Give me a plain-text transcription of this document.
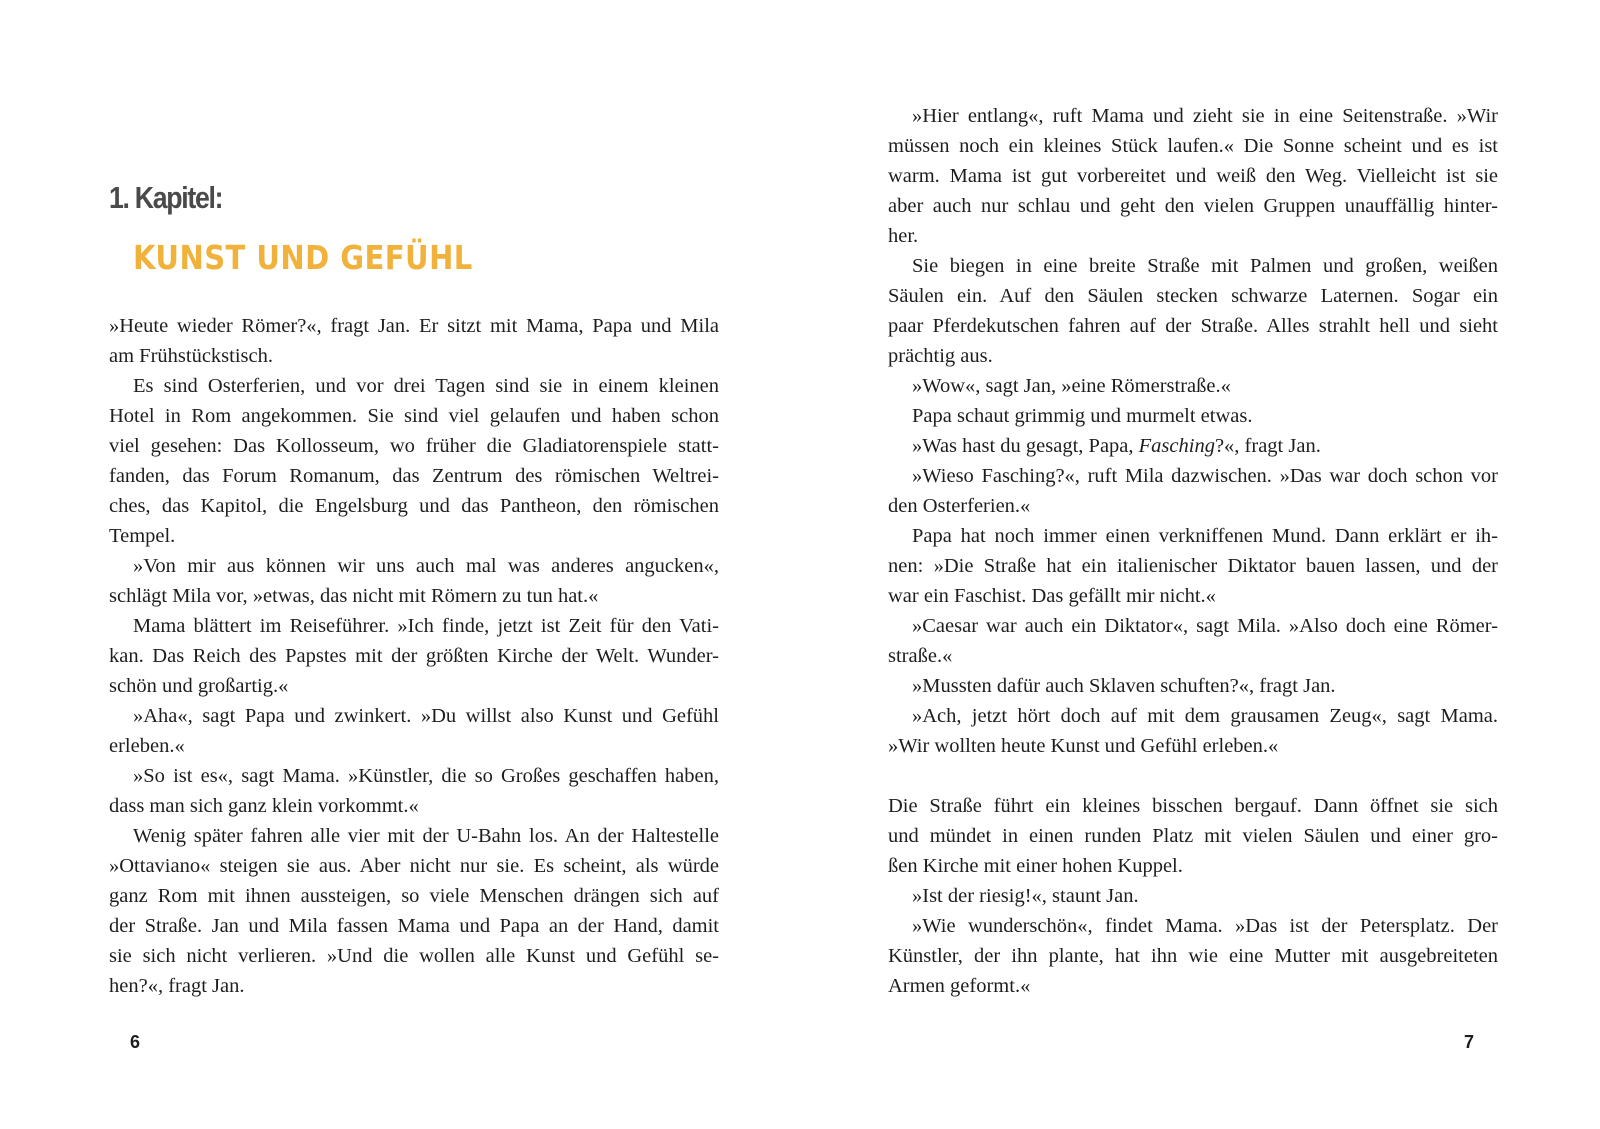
1. Kapitel:
KUNST UND GEFÜHL
»Heute wieder Römer?«, fragt Jan. Er sitzt mit Mama, Papa und Mila
am Frühstückstisch.
Es sind Osterferien, und vor drei Tagen sind sie in einem kleinen
Hotel in Rom angekommen. Sie sind viel gelaufen und haben schon
viel gesehen: Das Kollosseum, wo früher die Gladiatorenspiele statt-
fanden, das Forum Romanum, das Zentrum des römischen Weltrei-
ches, das Kapitol, die Engelsburg und das Pantheon, den römischen
Tempel.
»Von mir aus können wir uns auch mal was anderes angucken«,
schlägt Mila vor, »etwas, das nicht mit Römern zu tun hat.«
Mama blättert im Reiseführer. »Ich finde, jetzt ist Zeit für den Vati-
kan. Das Reich des Papstes mit der größten Kirche der Welt. Wunder-
schön und großartig.«
»Aha«, sagt Papa und zwinkert. »Du willst also Kunst und Gefühl
erleben.«
»So ist es«, sagt Mama. »Künstler, die so Großes geschaffen haben,
dass man sich ganz klein vorkommt.«
Wenig später fahren alle vier mit der U-Bahn los. An der Haltestelle
»Ottaviano« steigen sie aus. Aber nicht nur sie. Es scheint, als würde
ganz Rom mit ihnen aussteigen, so viele Menschen drängen sich auf
der Straße. Jan und Mila fassen Mama und Papa an der Hand, damit
sie sich nicht verlieren. »Und die wollen alle Kunst und Gefühl se-
hen?«, fragt Jan.
6
»Hier entlang«, ruft Mama und zieht sie in eine Seitenstraße. »Wir
müssen noch ein kleines Stück laufen.« Die Sonne scheint und es ist
warm. Mama ist gut vorbereitet und weiß den Weg. Vielleicht ist sie
aber auch nur schlau und geht den vielen Gruppen unauffällig hinter-
her.
Sie biegen in eine breite Straße mit Palmen und großen, weißen
Säulen ein. Auf den Säulen stecken schwarze Laternen. Sogar ein
paar Pferdekutschen fahren auf der Straße. Alles strahlt hell und sieht
prächtig aus.
»Wow«, sagt Jan, »eine Römerstraße.«
Papa schaut grimmig und murmelt etwas.
»Was hast du gesagt, Papa, Fasching?«, fragt Jan.
»Wieso Fasching?«, ruft Mila dazwischen. »Das war doch schon vor
den Osterferien.«
Papa hat noch immer einen verkniffenen Mund. Dann erklärt er ih-
nen: »Die Straße hat ein italienischer Diktator bauen lassen, und der
war ein Faschist. Das gefällt mir nicht.«
»Caesar war auch ein Diktator«, sagt Mila. »Also doch eine Römer-
straße.«
»Mussten dafür auch Sklaven schuften?«, fragt Jan.
»Ach, jetzt hört doch auf mit dem grausamen Zeug«, sagt Mama.
»Wir wollten heute Kunst und Gefühl erleben.«
Die Straße führt ein kleines bisschen bergauf. Dann öffnet sie sich
und mündet in einen runden Platz mit vielen Säulen und einer gro-
ßen Kirche mit einer hohen Kuppel.
»Ist der riesig!«, staunt Jan.
»Wie wunderschön«, findet Mama. »Das ist der Petersplatz. Der
Künstler, der ihn plante, hat ihn wie eine Mutter mit ausgebreiteten
Armen geformt.«
7
